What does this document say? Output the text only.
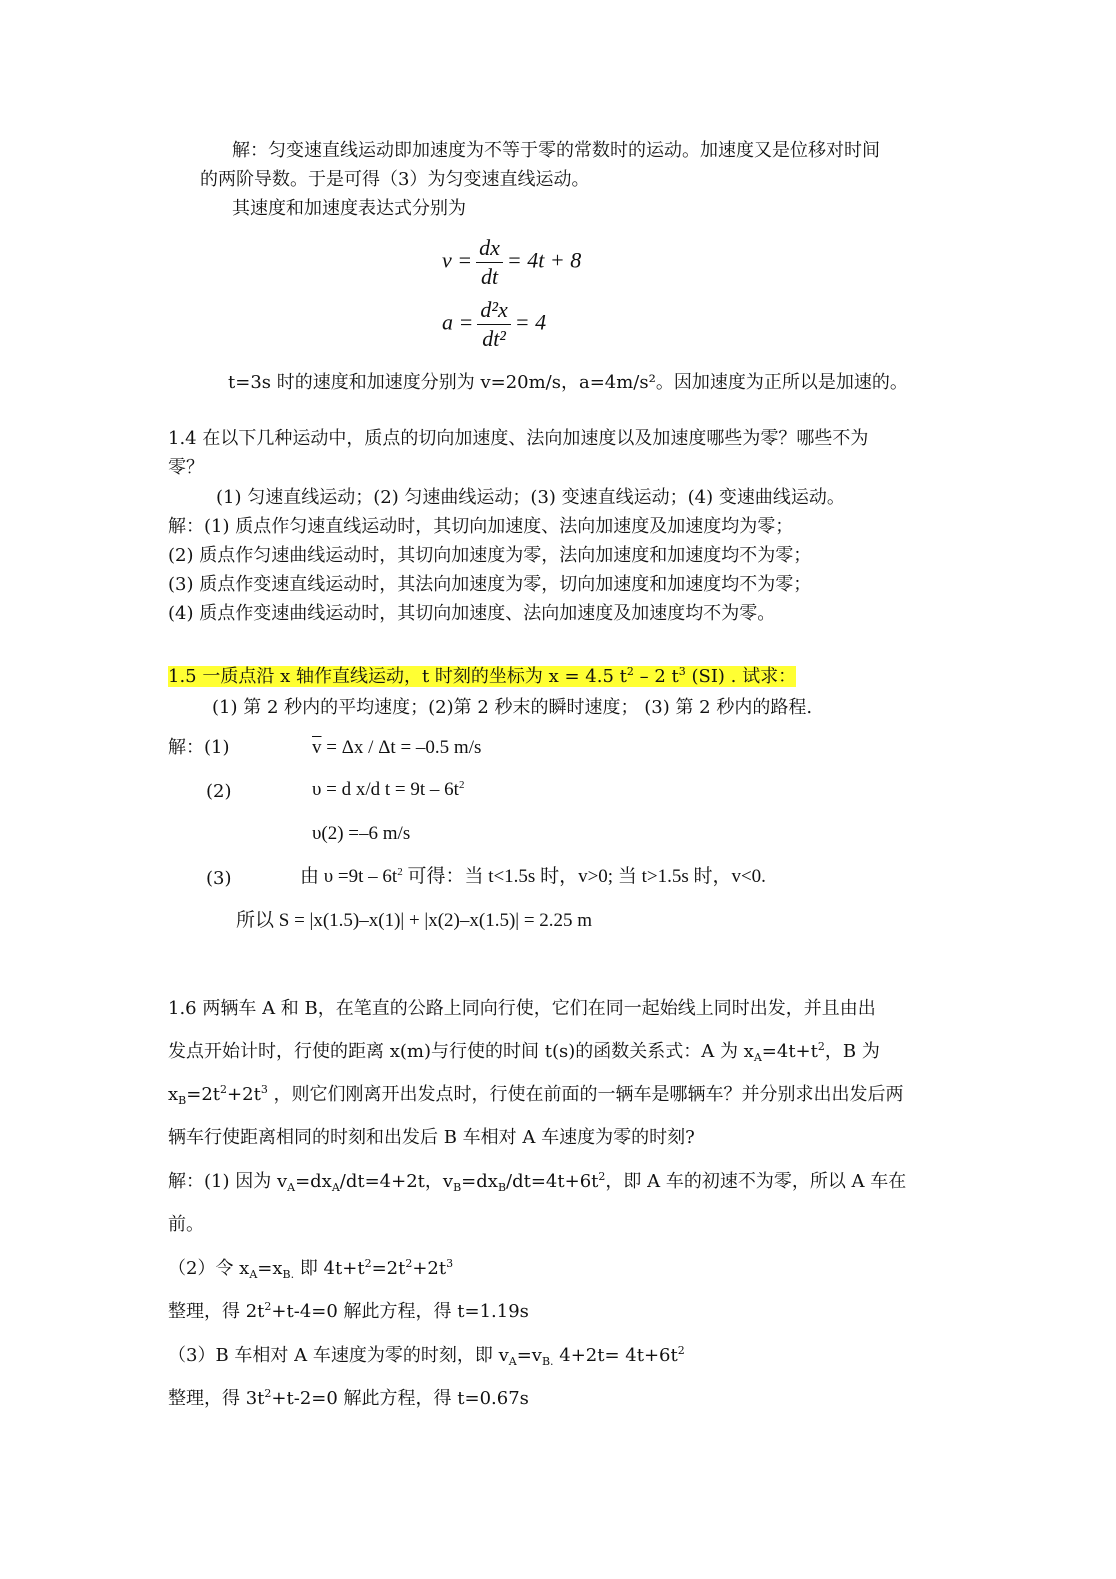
解：匀变速直线运动即加速度为不等于零的常数时的运动。加速度又是位移对时间
的两阶导数。于是可得（3）为匀变速直线运动。
其速度和加速度表达式分别为
$v = \frac{dx}{dt} = 4t + 8$
$a = \frac{\text{d²x}}{\text{dt²}} = 4$
t=3s 时的速度和加速度分别为 v=20m/s，a=4m/s²。因加速度为正所以是加速的。
1.4 在以下几种运动中，质点的切向加速度、法向加速度以及加速度哪些为零？哪些不为
零？
(1) 匀速直线运动；(2) 匀速曲线运动；(3) 变速直线运动；(4) 变速曲线运动。
解：(1) 质点作匀速直线运动时，其切向加速度、法向加速度及加速度均为零；
(2) 质点作匀速曲线运动时，其切向加速度为零，法向加速度和加速度均不为零；
(3) 质点作变速直线运动时，其法向加速度为零，切向加速度和加速度均不为零；
(4) 质点作变速曲线运动时，其切向加速度、法向加速度及加速度均不为零。
1.5 一质点沿 x 轴作直线运动，t 时刻的坐标为 x = 4.5 $t^2 - 2$ $t^3$ (SI) . 试求：
(1) 第 2 秒内的平均速度；(2)第 2 秒末的瞬时速度； (3) 第 2 秒内的路程.
解：(1)	$\overline{v} = \Delta x / \Delta t = -0.5$ m/s
(2)	υ = d x/d $t = 9t - 6t^2$
υ(2) =–6 m/s
(3)	由 $\upsilon =9t - 6t^2$ 可得：当 t<1.5s 时，v>0; 当 t>1.5s 时，v<0.
所以 S = |x(1.5)–x(1)| + |x(2)–x(1.5)| = 2.25 m
1.6 两辆车 A 和 B，在笔直的公路上同向行使，它们在同一起始线上同时出发，并且由出
发点开始计时，行使的距离 x(m)与行使的时间 t(s)的函数关系式：A 为 $x_A=4t+t^2$，B 为
$x_B=2t^2+2t^3$ ，则它们刚离开出发点时，行使在前面的一辆车是哪辆车？并分别求出出发后两
辆车行使距离相同的时刻和出发后 B 车相对 A 车速度为零的时刻?
解：(1) 因为 $v_A=dx_A/dt=4+2t$，$v_B=dx_B/dt=4t+6t^2$，即 A 车的初速不为零，所以 A 车在
前。
（2）令 $x_A=x_{B.}$ 即 $4t+t^2=2t^2+2t^3$
整理，得 $2t^2+t-4=0$ 解此方程，得 t=1.19s
（3）B 车相对 A 车速度为零的时刻，即 $v_A=v_{B.}$ $4+2t= 4t+6t^2$
整理，得 $3t^2+t-2=0$ 解此方程，得 t=0.67s
